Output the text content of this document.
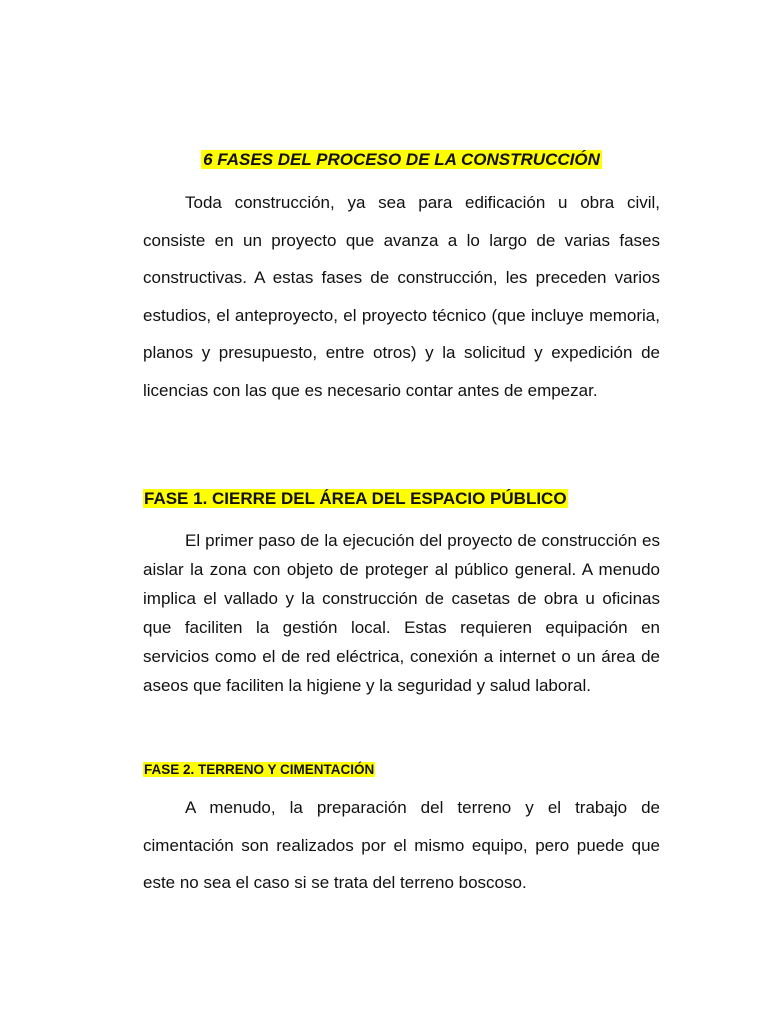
6 FASES DEL PROCESO DE LA CONSTRUCCIÓN
Toda construcción, ya sea para edificación u obra civil, consiste en un proyecto que avanza a lo largo de varias fases constructivas. A estas fases de construcción, les preceden varios estudios, el anteproyecto, el proyecto técnico (que incluye memoria, planos y presupuesto, entre otros) y la solicitud y expedición de licencias con las que es necesario contar antes de empezar.
FASE 1. CIERRE DEL ÁREA DEL ESPACIO PÚBLICO
El primer paso de la ejecución del proyecto de construcción es aislar la zona con objeto de proteger al público general. A menudo implica el vallado y la construcción de casetas de obra u oficinas que faciliten la gestión local. Estas requieren equipación en servicios como el de red eléctrica, conexión a internet o un área de aseos que faciliten la higiene y la seguridad y salud laboral.
FASE 2. TERRENO Y CIMENTACIÓN
A menudo, la preparación del terreno y el trabajo de cimentación son realizados por el mismo equipo, pero puede que este no sea el caso si se trata del terreno boscoso.
